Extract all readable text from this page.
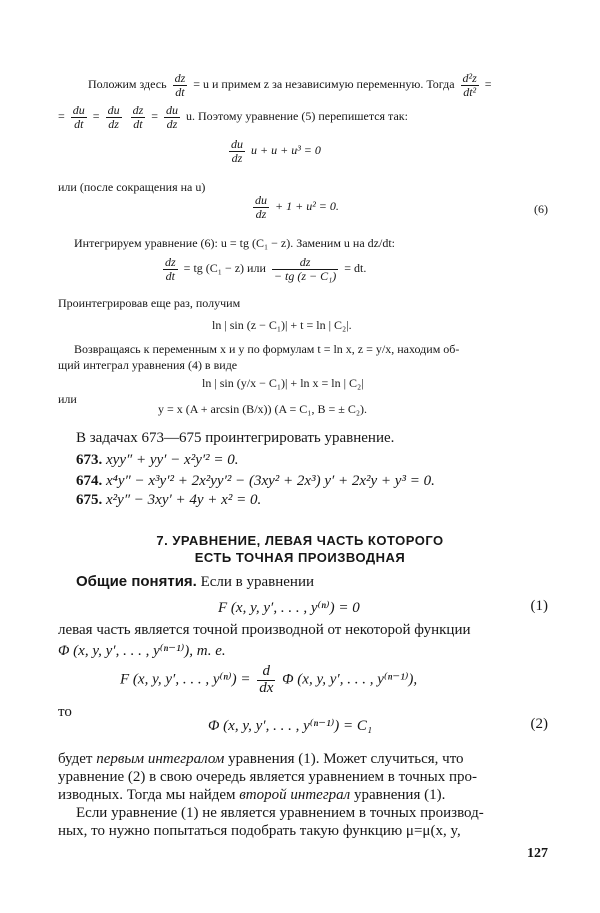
Положим здесь $\frac{dz}{dt} = u$ и примем z за независимую переменную. Тогда $\frac{\text{d²z}}{\text{dt²}}$ =
= $\frac{du}{dt} = \frac{du}{dz}$
$\frac{dz}{dt} = \frac{du}{dz} u$. Поэтому уравнение (5) перепишется так:
$\frac{du}{dz}$ u + u + u³ = 0
или (после сокращения на u)
$\frac{du}{dz} + 1 + u^2 = 0$.	(6)
Интегрируем уравнение (6): u = tg (C₁ − z). Заменим u на dz/dt:
$\frac{dz}{dt}$ = tg (C₁ − z) или $\frac{dz}{\text{− tg (z − C₁)}}$ = dt.
Проинтегрировав еще раз, получим
ln | sin (z − C₁)| + t = ln | C₂|.
Возвращаясь к переменным x и y по формулам t = ln x, z = y/x, находим об-
щий интеграл уравнения (4) в виде
ln | sin (y/x − C₁)| + ln x = ln | C₂|
или
y = x (A + arcsin (B/x)) (A = C₁, B = ± C₂).
В задачах 673—675 проинтегрировать уравнение.
673. xyy″ + yy′ − x²y′² = 0.
674. x⁴y″ − x³y′² + 2x²yy′² − (3xy² + 2x³) y′ + 2x²y + y³ = 0.
675. x²y″ − 3xy′ + 4y + x² = 0.
7. УРАВНЕНИЕ, ЛЕВАЯ ЧАСТЬ КОТОРОГО
ЕСТЬ ТОЧНАЯ ПРОИЗВОДНАЯ
Общие понятия. Если в уравнении
F (x, y, y′, . . . , y⁽ⁿ⁾) = 0	(1)
левая часть является точной производной от некоторой функции
Φ (x, y, y′, . . . , y⁽ⁿ⁻¹⁾), т. е.
F (x, y, y′, . . . , $y^{(n)}) = \frac{d}{dx}$ Φ (x, y, y′, . . . , y⁽ⁿ⁻¹⁾),
то
Φ (x, y, y′, . . . , y⁽ⁿ⁻¹⁾) = C₁	(2)
будет первым интегралом уравнения (1). Может случиться, что
уравнение (2) в свою очередь является уравнением в точных про-
изводных. Тогда мы найдем второй интеграл уравнения (1).
Если уравнение (1) не является уравнением в точных производ-
ных, то нужно попытаться подобрать такую функцию μ=μ(x, y,
127
